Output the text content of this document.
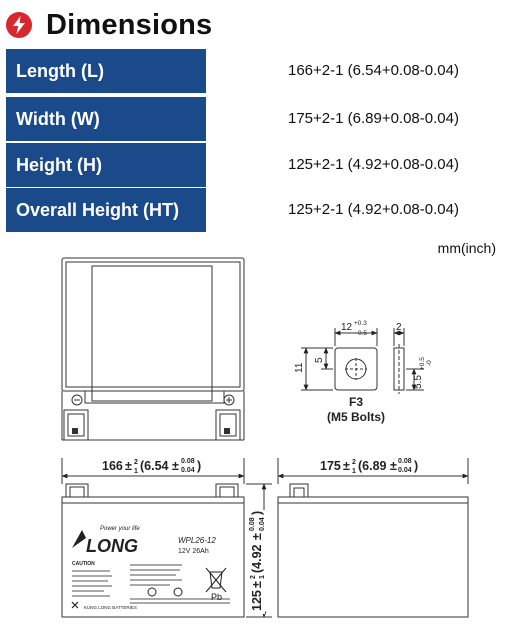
Dimensions
Length (L)	166+2-1 (6.54+0.08-0.04)
Width (W)	175+2-1 (6.89+0.08-0.04)
Height (H)	125+2-1 (4.92+0.08-0.04)
Overall Height (HT)	125+2-1 (4.92+0.08-0.04)
mm(inch)
12 +0.3
- 0.5
2
11
5
5.5
+0.5 -0
F3
(M5 Bolts)
166 ± 2
1 (6.54 ± 0.08
0.04 )
LONG
Power your life
WPL26-12
12V 26Ah
CAUTION
KUNG LONG BATTERIES
Pb 125
±
2 1
(4.92
±
0.08 0.04
)
175 ± 2
1 (6.89 ± 0.08
0.04 )
